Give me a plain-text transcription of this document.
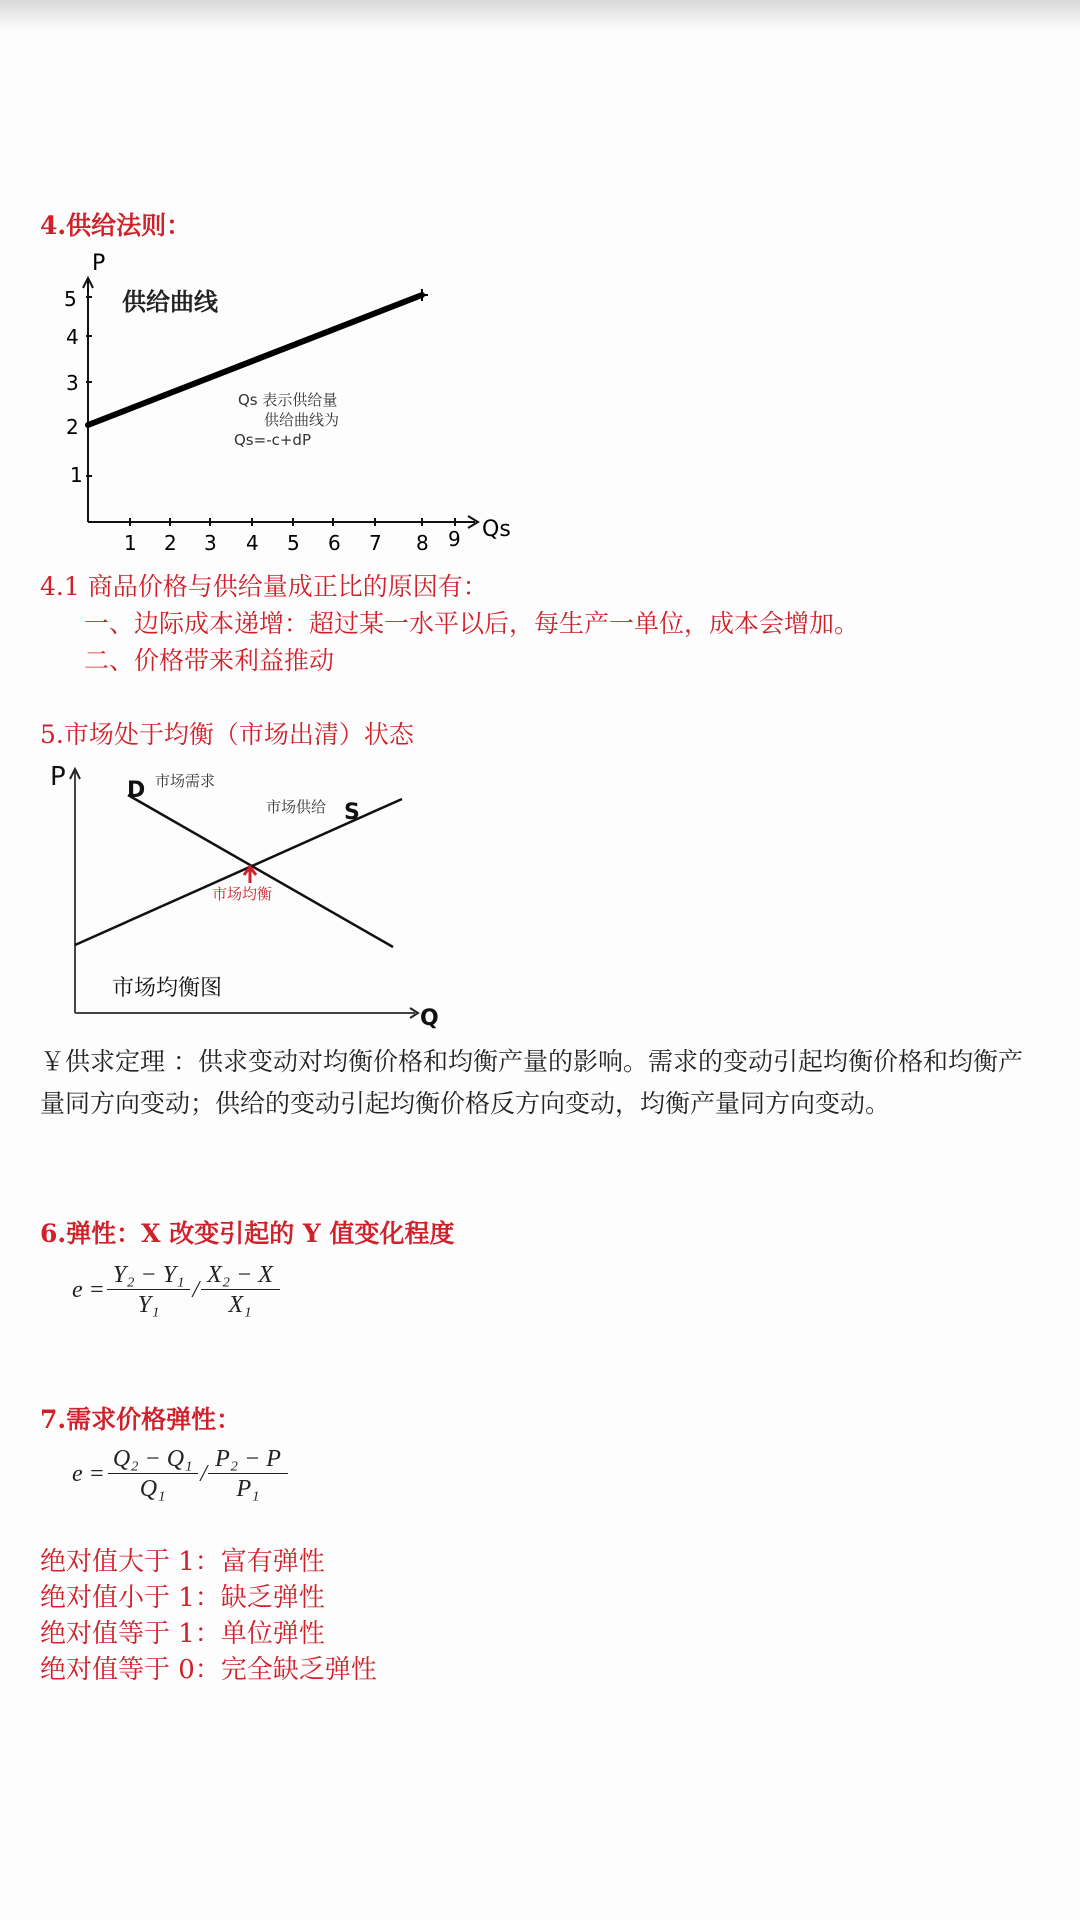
4.供给法则：
P
Qs
5
4
3
2
1
1 2 3 4 5 6 7 8 9
供给曲线
Qs 表示供给量
供给曲线为
Qs=-c+dP
4.1 商品价格与供给量成正比的原因有：
一、边际成本递增：超过某一水平以后，每生产一单位，成本会增加。
二、价格带来利益推动
5.市场处于均衡（市场出清）状态
P
Q
D
S
市场需求
市场供给
市场均衡
市场均衡图
￥供求定理 ：供求变动对均衡价格和均衡产量的影响。需求的变动引起均衡价格和均衡产量同方向变动；供给的变动引起均衡价格反方向变动，均衡产量同方向变动。
6.弹性：X 改变引起的 Y 值变化程度
$e = \frac{\text{Y₂ − Y₁}}{\text{Y₁}} / \frac{\text{X₂ − X}}{\text{X₁}}$
7.需求价格弹性：
$e = \frac{\text{Q₂ − Q₁}}{\text{Q₁}} / \frac{\text{P₂ − P}}{\text{P₁}}$
绝对值大于 1：富有弹性
绝对值小于 1：缺乏弹性
绝对值等于 1：单位弹性
绝对值等于 0：完全缺乏弹性
